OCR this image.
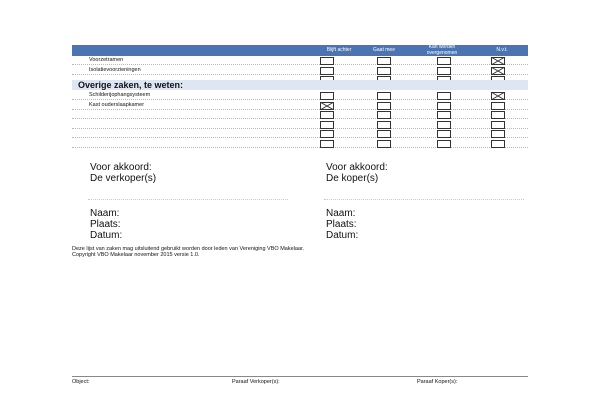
Blijft achter	Gaat mee	Kan worden overgenomen	N.v.t.
Voorzetramen
Isolatievoorzieningen
Overige zaken, te weten:
Schilderijophangsysteem
Kast ouderslaapkamer
Voor akkoord:
De verkoper(s)
Voor akkoord:
De koper(s)
Naam:
Plaats:
Datum:
Naam:
Plaats:
Datum:
Deze lijst van zaken mag uitsluitend gebruikt worden door leden van Vereniging VBO Makelaar.
Copyright VBO Makelaar november 2015 versie 1.0.
Object:	Paraaf Verkoper(s):	Paraaf Koper(s):
